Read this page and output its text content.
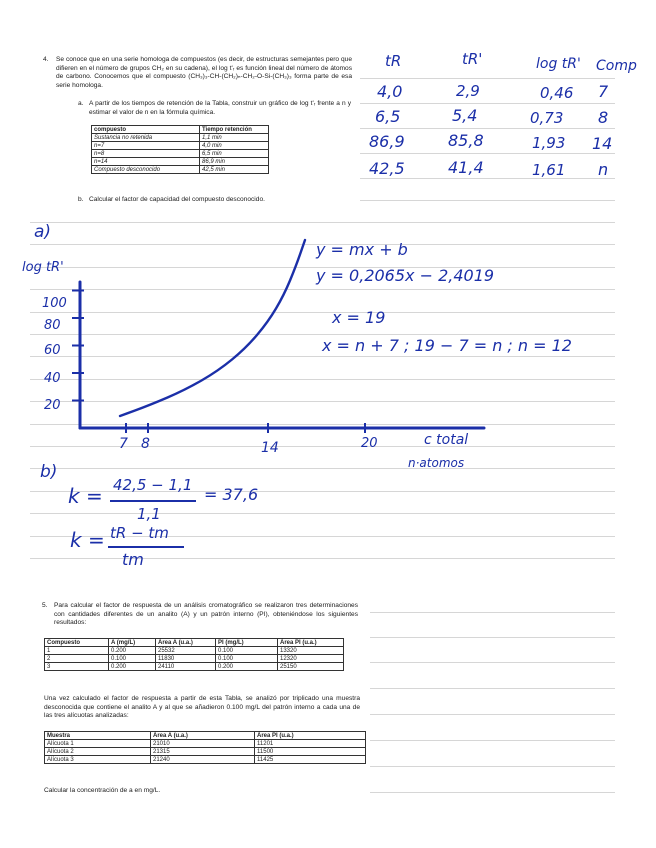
4. Se conoce que en una serie homologa de compuestos (es decir, de estructuras semejantes pero que difieren en el número de grupos CH₂ en su cadena), el log t'ᵣ es función lineal del número de átomos de carbono. Conocemos que el compuesto (CH₃)₃-CH-(CH₂)ₙ-CH₂-O-Si-(CH₃)₃ forma parte de esa serie homologa.
a. A partir de los tiempos de retención de la Tabla, construir un gráfico de log t'ᵣ frente a n y estimar el valor de n en la fórmula química.
compuesto	Tiempo retención
Sustancia no retenida	1,1 min
n=7	4,0 min
n=8	6,5 min
n=14	86,9 min
Compuesto desconocido	42,5 min
b. Calcular el factor de capacidad del compuesto desconocido.
tR	tR'	log tR' Comp
4,0	2,9	0,46 7
6,5	5,4	0,73 8
86,9	85,8	1,93 14
42,5	41,4	1,61 n
a)
log tR'
100
80
60
40
20
7 8	14	20	c total
n·atomos
y = mx + b
y = 0,2065x − 2,4019
x = 19
x = n + 7 ; 19 − 7 = n ; n = 12
b)
k = 42,5 − 1,1
1,1
= 37,6
k = tR − tm
tm
5. Para calcular el factor de respuesta de un análisis cromatográfico se realizaron tres determinaciones con cantidades diferentes de un analito (A) y un patrón interno (PI), obteniéndose los siguientes resultados:
Compuesto	A (mg/L)	Área A (u.a.)	PI (mg/L)	Área PI (u.a.)
1	0.200	25532	0.100	13320
2	0.100	11830	0.100	12320
3	0.200	24110	0.200	25150
Una vez calculado el factor de respuesta a partir de esta Tabla, se analizó por triplicado una muestra desconocida que contiene el analito A y al que se añadieron 0.100 mg/L del patrón interno a cada una de las tres alícuotas analizadas:
Muestra	Área A (u.a.)	Área PI (u.a.)
Alícuota 1	21010	11201
Alícuota 2	21315	11500
Alícuota 3	21240	11425
Calcular la concentración de a en mg/L.
